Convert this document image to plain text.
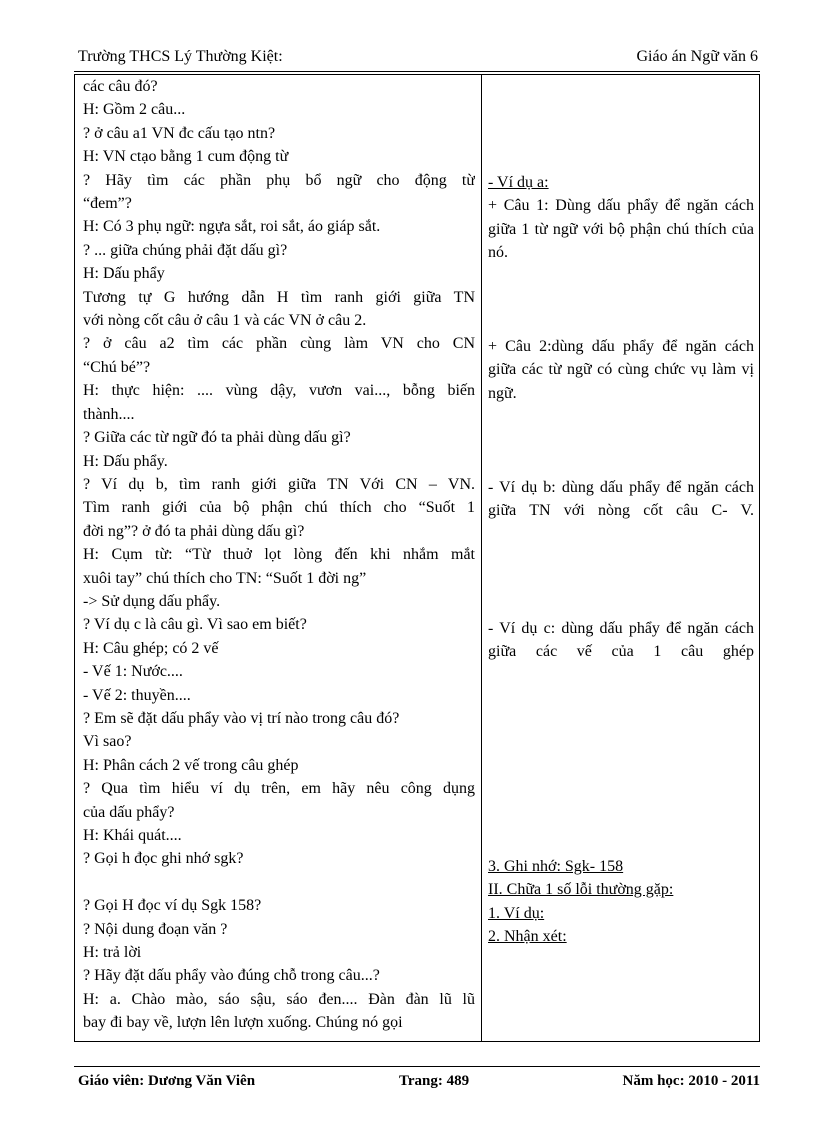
Trường THCS Lý Thường Kiệt:	Giáo án Ngữ văn 6
các câu đó?
H: Gồm 2 câu...
? ở câu a1 VN đc cấu tạo ntn?
H: VN ctạo bằng 1 cum động từ
? Hãy tìm các phần phụ bổ ngữ cho động từ
“đem”?
H: Có 3 phụ ngữ: ngựa sắt, roi sắt, áo giáp sắt.
? ... giữa chúng phải đặt dấu gì?
H: Dấu phẩy
Tương tự G hướng dẫn H tìm ranh giới giữa TN
với nòng cốt câu ở câu 1 và các VN ở câu 2.
? ở câu a2 tìm các phần cùng làm VN cho CN
“Chú bé”?
H: thực hiện: .... vùng dậy, vươn vai..., bỗng biến
thành....
? Giữa các từ ngữ đó ta phải dùng dấu gì?
H: Dấu phẩy.
? Ví dụ b, tìm ranh giới giữa TN Với CN – VN.
Tìm ranh giới của bộ phận chú thích cho “Suốt 1
đời ng”? ở đó ta phải dùng dấu gì?
H: Cụm từ: “Từ thuở lọt lòng đến khi nhắm mắt
xuôi tay” chú thích cho TN: “Suốt 1 đời ng”
-> Sử dụng dấu phẩy.
? Ví dụ c là câu gì. Vì sao em biết?
H: Câu ghép; có 2 vế
- Vế 1: Nước....
- Vế 2: thuyền....
? Em sẽ đặt dấu phẩy vào vị trí nào trong câu đó?
Vì sao?
H: Phân cách 2 vế trong câu ghép
? Qua tìm hiểu ví dụ trên, em hãy nêu công dụng
của dấu phẩy?
H: Khái quát....
? Gọi h đọc ghi nhớ sgk?

? Gọi H đọc ví dụ Sgk 158?
? Nội dung đoạn văn ?
H: trả lời
? Hãy đặt dấu phẩy vào đúng chỗ trong câu...?
H: a. Chào mào, sáo sậu, sáo đen.... Đàn đàn lũ lũ
bay đi bay về, lượn lên lượn xuống. Chúng nó gọi
- Ví dụ a:
+ Câu 1: Dùng dấu phẩy để ngăn cách giữa 1 từ ngữ với bộ phận chú thích của nó.
+ Câu 2:dùng dấu phẩy để ngăn cách giữa các từ ngữ có cùng chức vụ làm vị ngữ.
- Ví dụ b: dùng dấu phẩy để ngăn cách giữa TN với nòng cốt câu C- V.
- Ví dụ c: dùng dấu phẩy để ngăn cách giữa các vế của 1 câu ghép
3. Ghi nhớ: Sgk- 158
II. Chữa 1 số lỗi thường gặp:
1. Ví dụ:
2. Nhận xét:
Giáo viên: Dương Văn Viên	Trang: 489	Năm học: 2010 - 2011
